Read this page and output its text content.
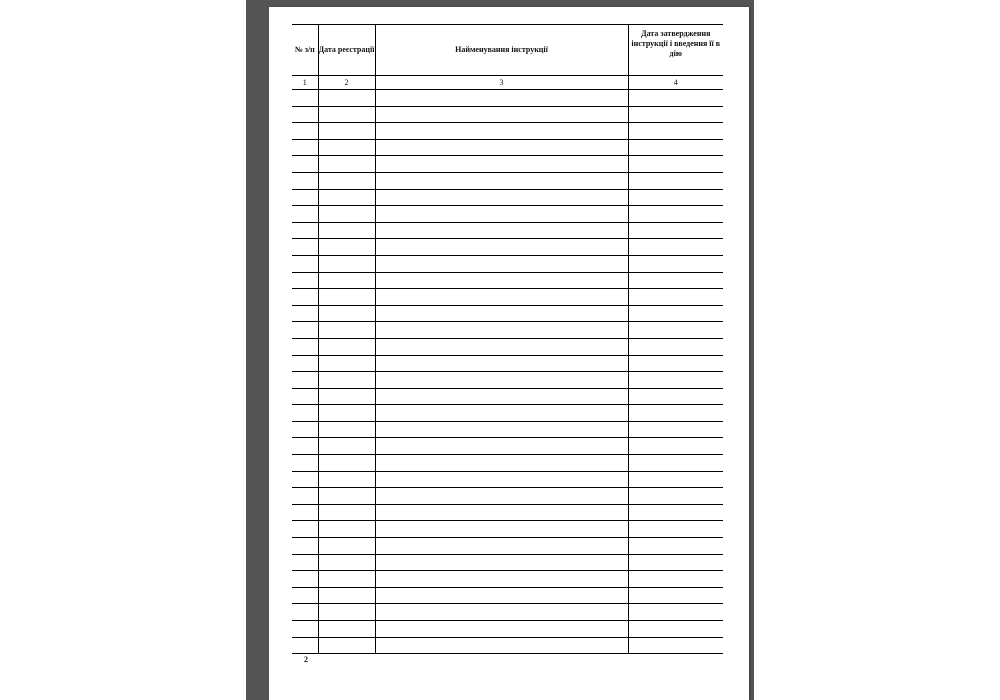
№ з/п	Дата реєстрації	Найменування інструкції	Дата затвердження інструкції і введення її в дію
1	2	3	4

2
